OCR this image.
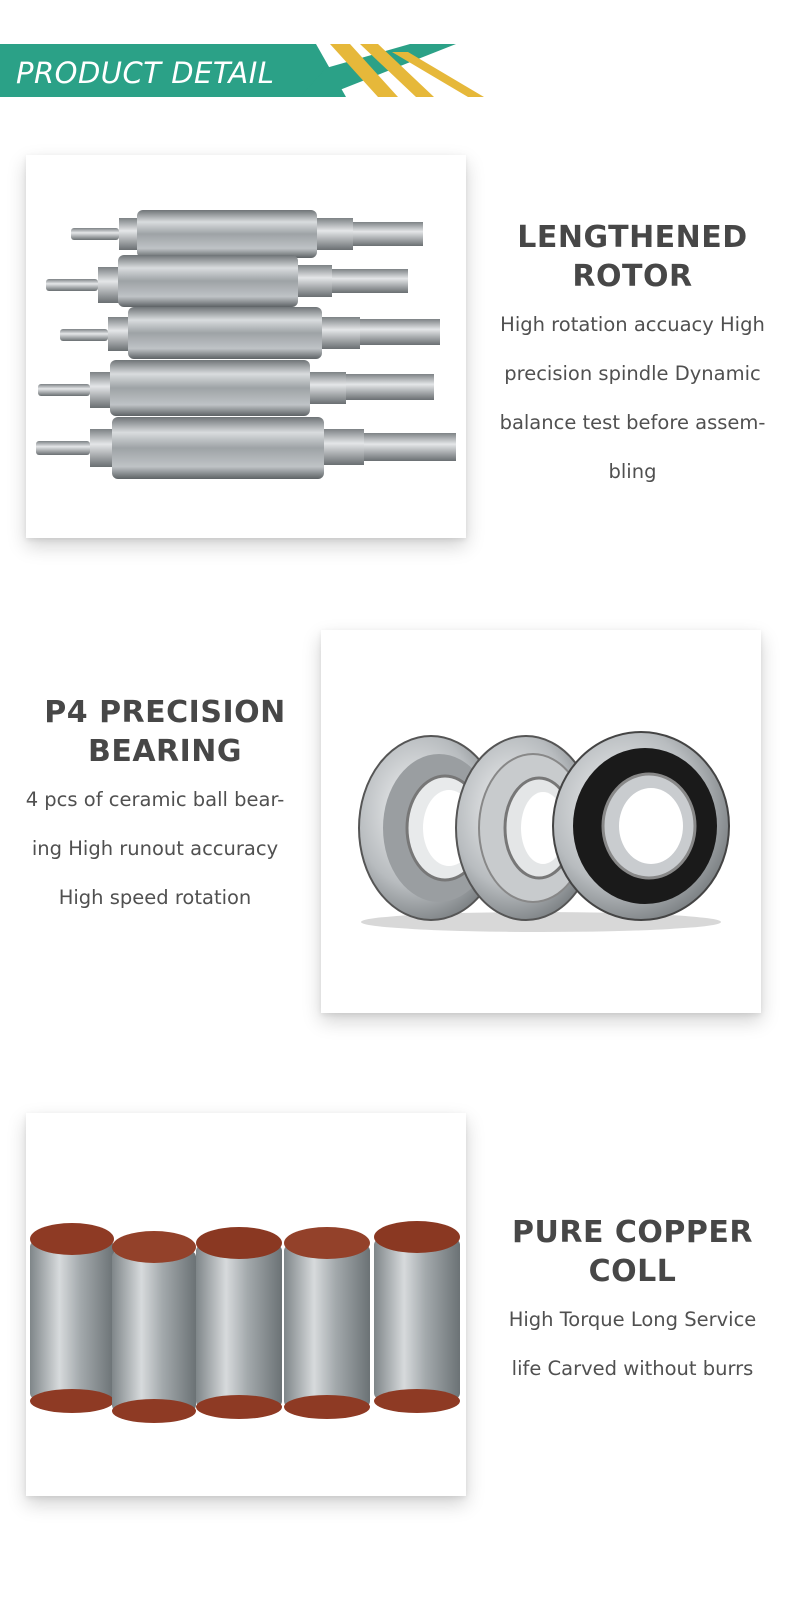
PRODUCT DETAIL
LENGTHENED
ROTOR
High rotation accuacy High
precision spindle Dynamic
balance test before assem-
bling
P4 PRECISION
BEARING
4 pcs of ceramic ball bear-
ing High runout accuracy
High speed rotation
PURE COPPER
COLL
High Torque Long Service
life Carved without burrs
